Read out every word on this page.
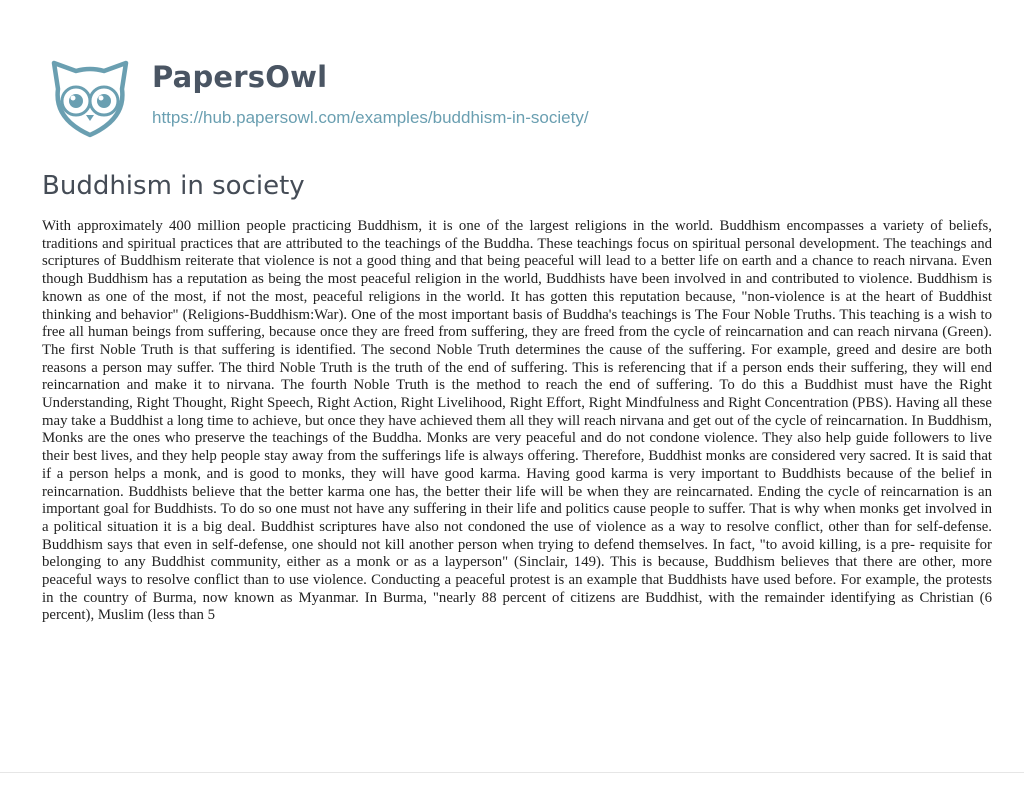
PapersOwl
https://hub.papersowl.com/examples/buddhism-in-society/
Buddhism in society

With approximately 400 million people practicing Buddhism, it is one of the largest religions in the world. Buddhism encompasses a variety of beliefs, traditions and spiritual practices that are attributed to the teachings of the Buddha. These teachings focus on spiritual personal development. The teachings and scriptures of Buddhism reiterate that violence is not a good thing and that being peaceful will lead to a better life on earth and a chance to reach nirvana. Even though Buddhism has a reputation as being the most peaceful religion in the world, Buddhists have been involved in and contributed to violence. Buddhism is known as one of the most, if not the most, peaceful religions in the world. It has gotten this reputation because, "non-violence is at the heart of Buddhist thinking and behavior" (Religions-Buddhism:War). One of the most important basis of Buddha's teachings is The Four Noble Truths. This teaching is a wish to free all human beings from suffering, because once they are freed from suffering, they are freed from the cycle of reincarnation and can reach nirvana (Green). The first Noble Truth is that suffering is identified. The second Noble Truth determines the cause of the suffering. For example, greed and desire are both reasons a person may suffer. The third Noble Truth is the truth of the end of suffering. This is referencing that if a person ends their suffering, they will end reincarnation and make it to nirvana. The fourth Noble Truth is the method to reach the end of suffering. To do this a Buddhist must have the Right Understanding, Right Thought, Right Speech, Right Action, Right Livelihood, Right Effort, Right Mindfulness and Right Concentration (PBS). Having all these may take a Buddhist a long time to achieve, but once they have achieved them all they will reach nirvana and get out of the cycle of reincarnation. In Buddhism, Monks are the ones who preserve the teachings of the Buddha. Monks are very peaceful and do not condone violence. They also help guide followers to live their best lives, and they help people stay away from the sufferings life is always offering. Therefore, Buddhist monks are considered very sacred. It is said that if a person helps a monk, and is good to monks, they will have good karma. Having good karma is very important to Buddhists because of the belief in reincarnation. Buddhists believe that the better karma one has, the better their life will be when they are reincarnated. Ending the cycle of reincarnation is an important goal for Buddhists. To do so one must not have any suffering in their life and politics cause people to suffer. That is why when monks get involved in a political situation it is a big deal. Buddhist scriptures have also not condoned the use of violence as a way to resolve conflict, other than for self-defense. Buddhism says that even in self-defense, one should not kill another person when trying to defend themselves. In fact, "to avoid killing, is a pre- requisite for belonging to any Buddhist community, either as a monk or as a layperson" (Sinclair, 149). This is because, Buddhism believes that there are other, more peaceful ways to resolve conflict than to use violence. Conducting a peaceful protest is an example that Buddhists have used before. For example, the protests in the country of Burma, now known as Myanmar. In Burma, "nearly 88 percent of citizens are Buddhist, with the remainder identifying as Christian (6 percent), Muslim (less than 5
